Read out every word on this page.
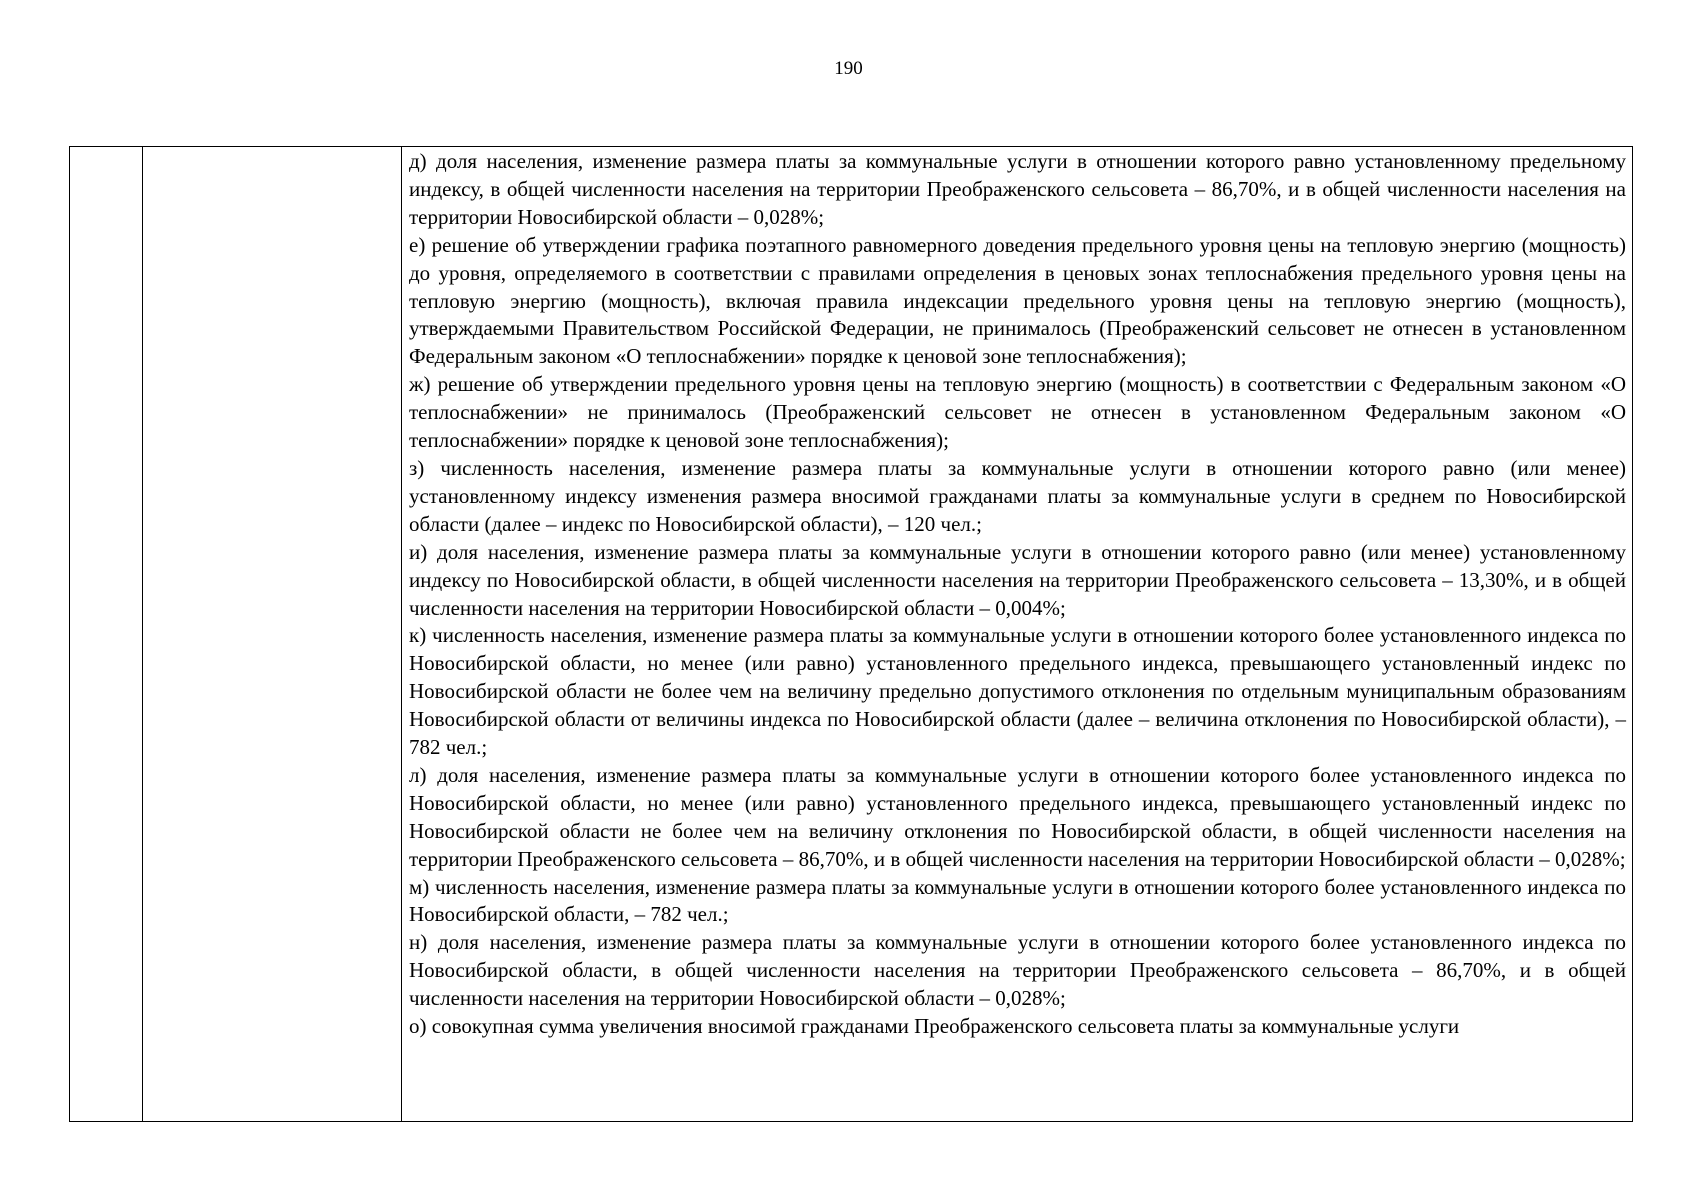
190

д) доля населения, изменение размера платы за коммунальные услуги в отношении которого равно установленному предельному индексу, в общей численности населения на территории Преображенского сельсовета – 86,70%, и в общей численности населения на территории Новосибирской области – 0,028%;

е) решение об утверждении графика поэтапного равномерного доведения предельного уровня цены на тепловую энергию (мощность) до уровня, определяемого в соответствии с правилами определения в ценовых зонах теплоснабжения предельного уровня цены на тепловую энергию (мощность), включая правила индексации предельного уровня цены на тепловую энергию (мощность), утверждаемыми Правительством Российской Федерации, не принималось (Преображенский сельсовет не отнесен в установленном Федеральным законом «О теплоснабжении» порядке к ценовой зоне теплоснабжения);

ж) решение об утверждении предельного уровня цены на тепловую энергию (мощность) в соответствии с Федеральным законом «О теплоснабжении» не принималось (Преображенский сельсовет не отнесен в установленном Федеральным законом «О теплоснабжении» порядке к ценовой зоне теплоснабжения);

з) численность населения, изменение размера платы за коммунальные услуги в отношении которого равно (или менее) установленному индексу изменения размера вносимой гражданами платы за коммунальные услуги в среднем по Новосибирской области (далее – индекс по Новосибирской области), – 120 чел.;

и) доля населения, изменение размера платы за коммунальные услуги в отношении которого равно (или менее) установленному индексу по Новосибирской области, в общей численности населения на территории Преображенского сельсовета – 13,30%, и в общей численности населения на территории Новосибирской области – 0,004%;

к) численность населения, изменение размера платы за коммунальные услуги в отношении которого более установленного индекса по Новосибирской области, но менее (или равно) установленного предельного индекса, превышающего установленный индекс по Новосибирской области не более чем на величину предельно допустимого отклонения по отдельным муниципальным образованиям Новосибирской области от величины индекса по Новосибирской области (далее – величина отклонения по Новосибирской области), – 782 чел.;

л) доля населения, изменение размера платы за коммунальные услуги в отношении которого более установленного индекса по Новосибирской области, но менее (или равно) установленного предельного индекса, превышающего установленный индекс по Новосибирской области не более чем на величину отклонения по Новосибирской области, в общей численности населения на территории Преображенского сельсовета – 86,70%, и в общей численности населения на территории Новосибирской области – 0,028%;

м) численность населения, изменение размера платы за коммунальные услуги в отношении которого более установленного индекса по Новосибирской области, – 782 чел.;

н) доля населения, изменение размера платы за коммунальные услуги в отношении которого более установленного индекса по Новосибирской области, в общей численности населения на территории Преображенского сельсовета – 86,70%, и в общей численности населения на территории Новосибирской области – 0,028%;

о) совокупная сумма увеличения вносимой гражданами Преображенского сельсовета платы за коммунальные услуги
